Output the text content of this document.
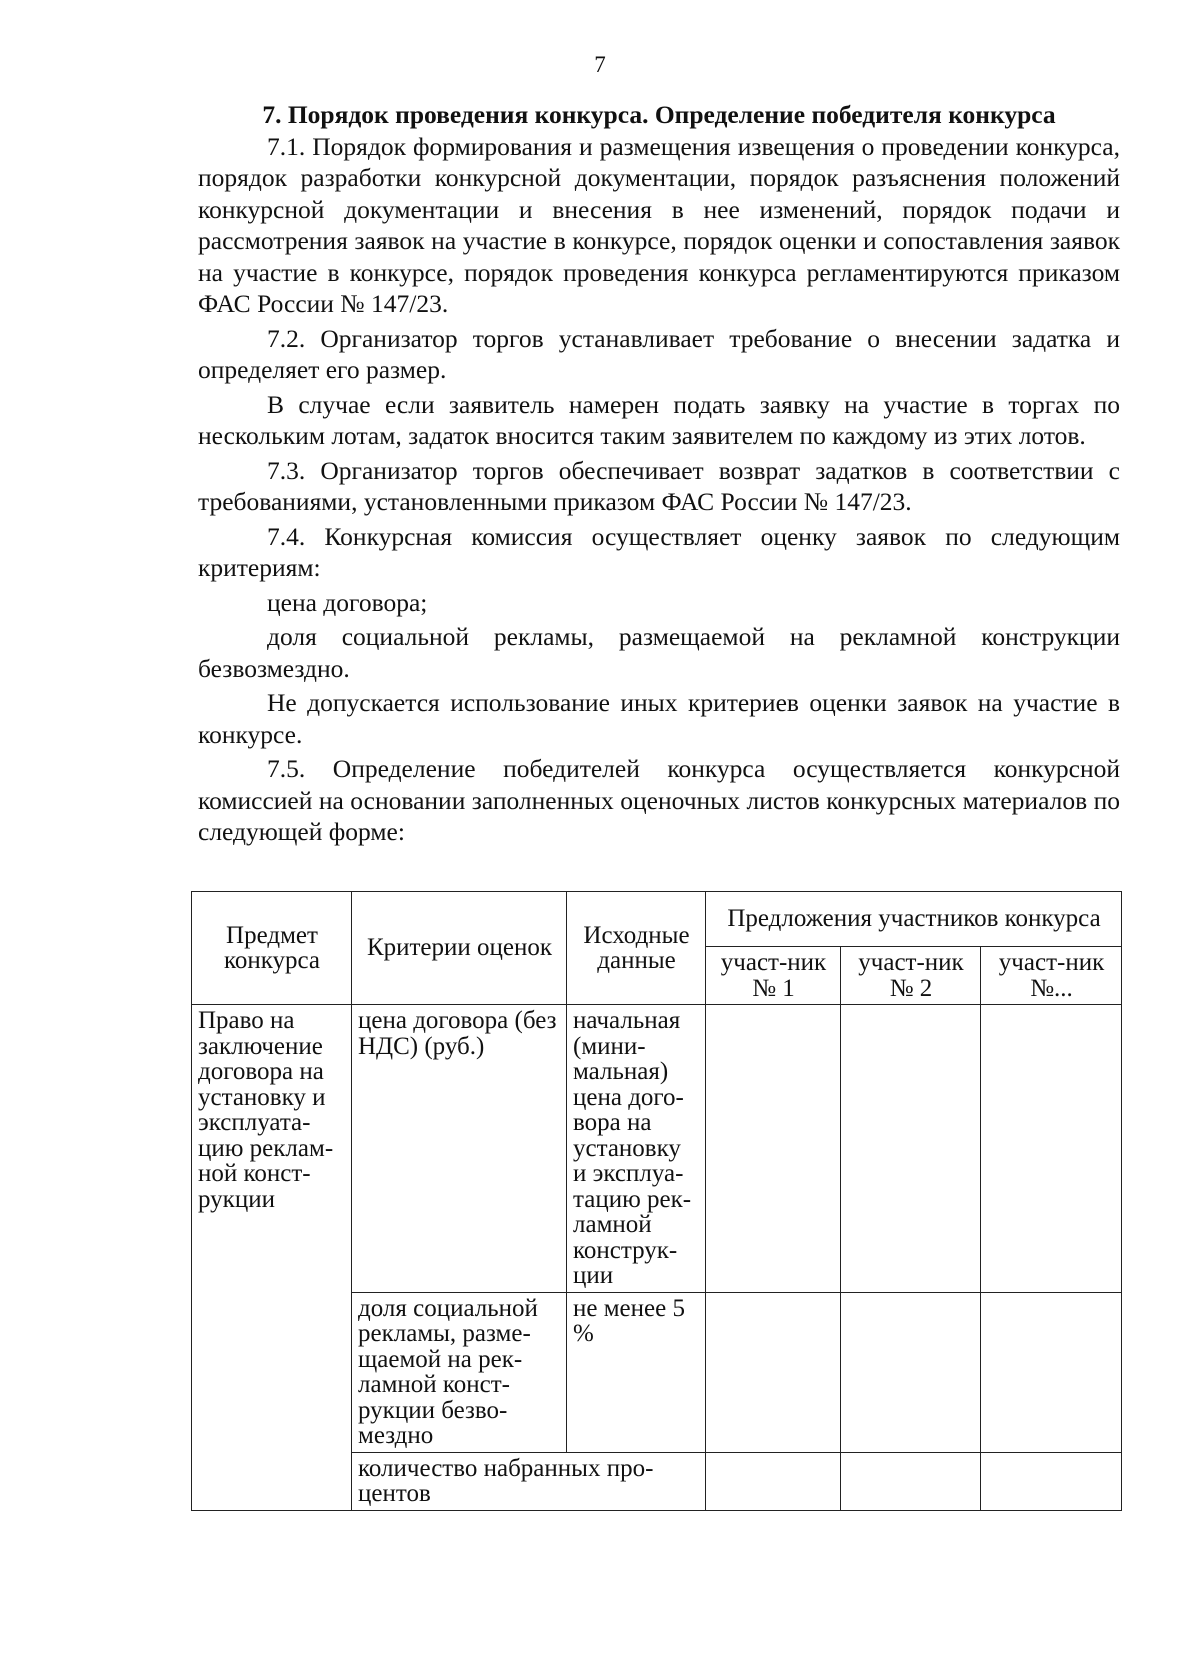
7

7. Порядок проведения конкурса. Определение победителя конкурса

7.1. Порядок формирования и размещения извещения о проведении конкурса, порядок разработки конкурсной документации, порядок разъяснения положений конкурсной документации и внесения в нее изменений, порядок подачи и рассмотрения заявок на участие в конкурсе, порядок оценки и сопоставления заявок на участие в конкурсе, порядок проведения конкурса регламентируются приказом ФАС России № 147/23.

7.2. Организатор торгов устанавливает требование о внесении задатка и определяет его размер.

В случае если заявитель намерен подать заявку на участие в торгах по нескольким лотам, задаток вносится таким заявителем по каждому из этих лотов.

7.3. Организатор торгов обеспечивает возврат задатков в соответствии с требованиями, установленными приказом ФАС России № 147/23.

7.4. Конкурсная комиссия осуществляет оценку заявок по следующим критериям:

цена договора;

доля социальной рекламы, размещаемой на рекламной конструкции безвозмездно.

Не допускается использование иных критериев оценки заявок на участие в конкурсе.

7.5. Определение победителей конкурса осуществляется конкурсной комиссией на основании заполненных оценочных листов конкурсных материалов по следующей форме:

Предмет конкурса	Критерии оценок	Исходные данные	Предложения участников конкурса		
			участ-ник № 1	участ-ник № 2	участ-ник №...
Право на заключение договора на установку и эксплуата-цию реклам-ной конст-рукции	цена договора (без НДС) (руб.)	начальная (мини-мальная) цена дого-вора на установку и эксплуа-тацию рек-ламной конструк-ции			
	доля социальной рекламы, разме-щаемой на рек-ламной конст-рукции безво-мездно	не менее 5 %			
	количество набранных про-центов				
